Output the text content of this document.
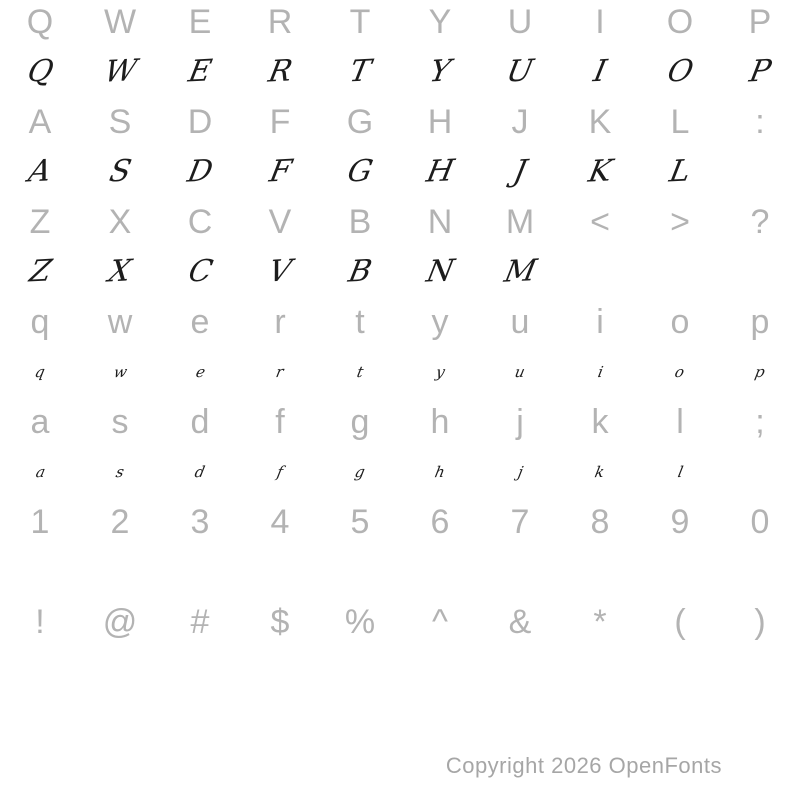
Q W E R T Y U I O P
Q W E R T Y U I O P
A S D F G H J K L :
A S D F G H J K L
Z X C V B N M < > ?
Z X C V B N M
q w e r t y u i o p
q	w	e	r	t	y	u	i	o	p
a s d f g h j k l ;
a	s	d	f	g	h	j	k	l
1 2 3 4 5 6 7 8 9 0
! @ # $ % ^ & * ( )
Copyright 2026 OpenFonts
